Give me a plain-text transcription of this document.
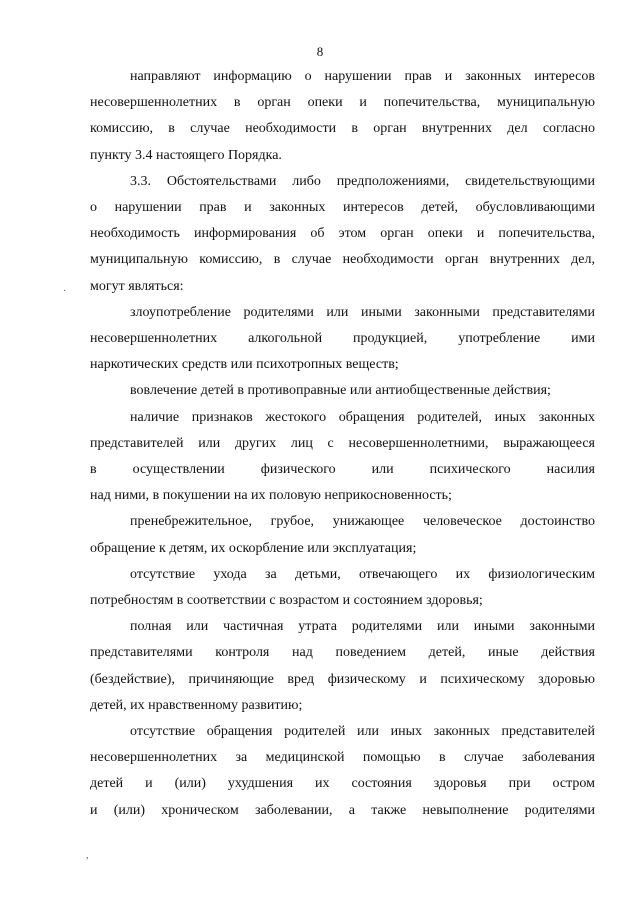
8
направляют информацию о нарушении прав и законных интересов
несовершеннолетних в орган опеки и попечительства, муниципальную
комиссию, в случае необходимости в орган внутренних дел согласно
пункту 3.4 настоящего Порядка.
3.3. Обстоятельствами либо предположениями, свидетельствующими
о нарушении прав и законных интересов детей, обусловливающими
необходимость информирования об этом орган опеки и попечительства,
муниципальную комиссию, в случае необходимости орган внутренних дел,
могут являться:
злоупотребление родителями или иными законными представителями
несовершеннолетних алкогольной продукцией, употребление ими
наркотических средств или психотропных веществ;
вовлечение детей в противоправные или антиобщественные действия;
наличие признаков жестокого обращения родителей, иных законных
представителей или других лиц с несовершеннолетними, выражающееся
в осуществлении физического или психического насилия
над ними, в покушении на их половую неприкосновенность;
пренебрежительное, грубое, унижающее человеческое достоинство
обращение к детям, их оскорбление или эксплуатация;
отсутствие ухода за детьми, отвечающего их физиологическим
потребностям в соответствии с возрастом и состоянием здоровья;
полная или частичная утрата родителями или иными законными
представителями контроля над поведением детей, иные действия
(бездействие), причиняющие вред физическому и психическому здоровью
детей, их нравственному развитию;
отсутствие обращения родителей или иных законных представителей
несовершеннолетних за медицинской помощью в случае заболевания
детей и (или) ухудшения их состояния здоровья при остром
и (или) хроническом заболевании, а также невыполнение родителями
·
,
